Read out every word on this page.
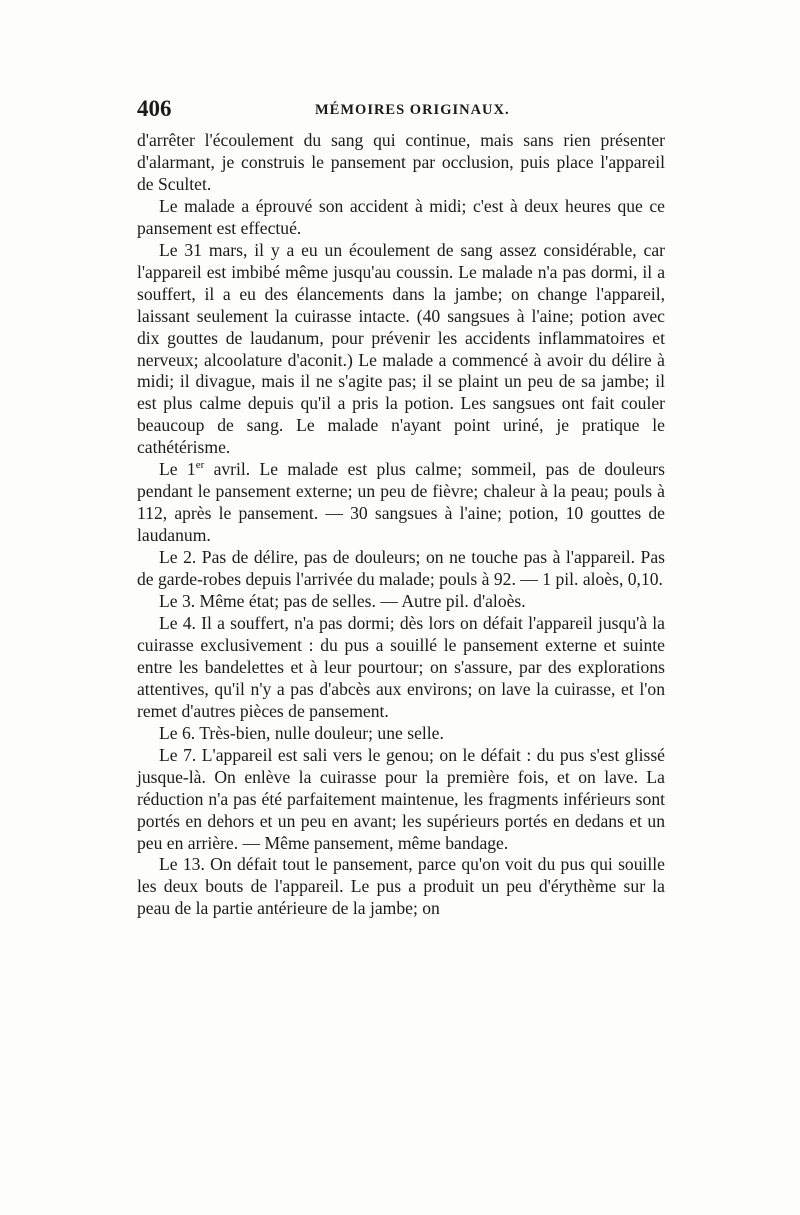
406	MÉMOIRES ORIGINAUX.

d'arrêter l'écoulement du sang qui continue, mais sans rien présenter d'alarmant, je construis le pansement par occlusion, puis place l'appareil de Scultet.

Le malade a éprouvé son accident à midi; c'est à deux heures que ce pansement est effectué.

Le 31 mars, il y a eu un écoulement de sang assez considérable, car l'appareil est imbibé même jusqu'au coussin. Le malade n'a pas dormi, il a souffert, il a eu des élancements dans la jambe; on change l'appareil, laissant seulement la cuirasse intacte. (40 sangsues à l'aine; potion avec dix gouttes de laudanum, pour prévenir les accidents inflammatoires et nerveux; alcoolature d'aconit.) Le malade a commencé à avoir du délire à midi; il divague, mais il ne s'agite pas; il se plaint un peu de sa jambe; il est plus calme depuis qu'il a pris la potion. Les sangsues ont fait couler beaucoup de sang. Le malade n'ayant point uriné, je pratique le cathétérisme.

Le 1er avril. Le malade est plus calme; sommeil, pas de douleurs pendant le pansement externe; un peu de fièvre; chaleur à la peau; pouls à 112, après le pansement. — 30 sangsues à l'aine; potion, 10 gouttes de laudanum.

Le 2. Pas de délire, pas de douleurs; on ne touche pas à l'appareil. Pas de garde-robes depuis l'arrivée du malade; pouls à 92. — 1 pil. aloès, 0,10.

Le 3. Même état; pas de selles. — Autre pil. d'aloès.

Le 4. Il a souffert, n'a pas dormi; dès lors on défait l'appareil jusqu'à la cuirasse exclusivement : du pus a souillé le pansement externe et suinte entre les bandelettes et à leur pourtour; on s'assure, par des explorations attentives, qu'il n'y a pas d'abcès aux environs; on lave la cuirasse, et l'on remet d'autres pièces de pansement.

Le 6. Très-bien, nulle douleur; une selle.

Le 7. L'appareil est sali vers le genou; on le défait : du pus s'est glissé jusque-là. On enlève la cuirasse pour la première fois, et on lave. La réduction n'a pas été parfaitement maintenue, les fragments inférieurs sont portés en dehors et un peu en avant; les supérieurs portés en dedans et un peu en arrière. — Même pansement, même bandage.

Le 13. On défait tout le pansement, parce qu'on voit du pus qui souille les deux bouts de l'appareil. Le pus a produit un peu d'érythème sur la peau de la partie antérieure de la jambe; on
